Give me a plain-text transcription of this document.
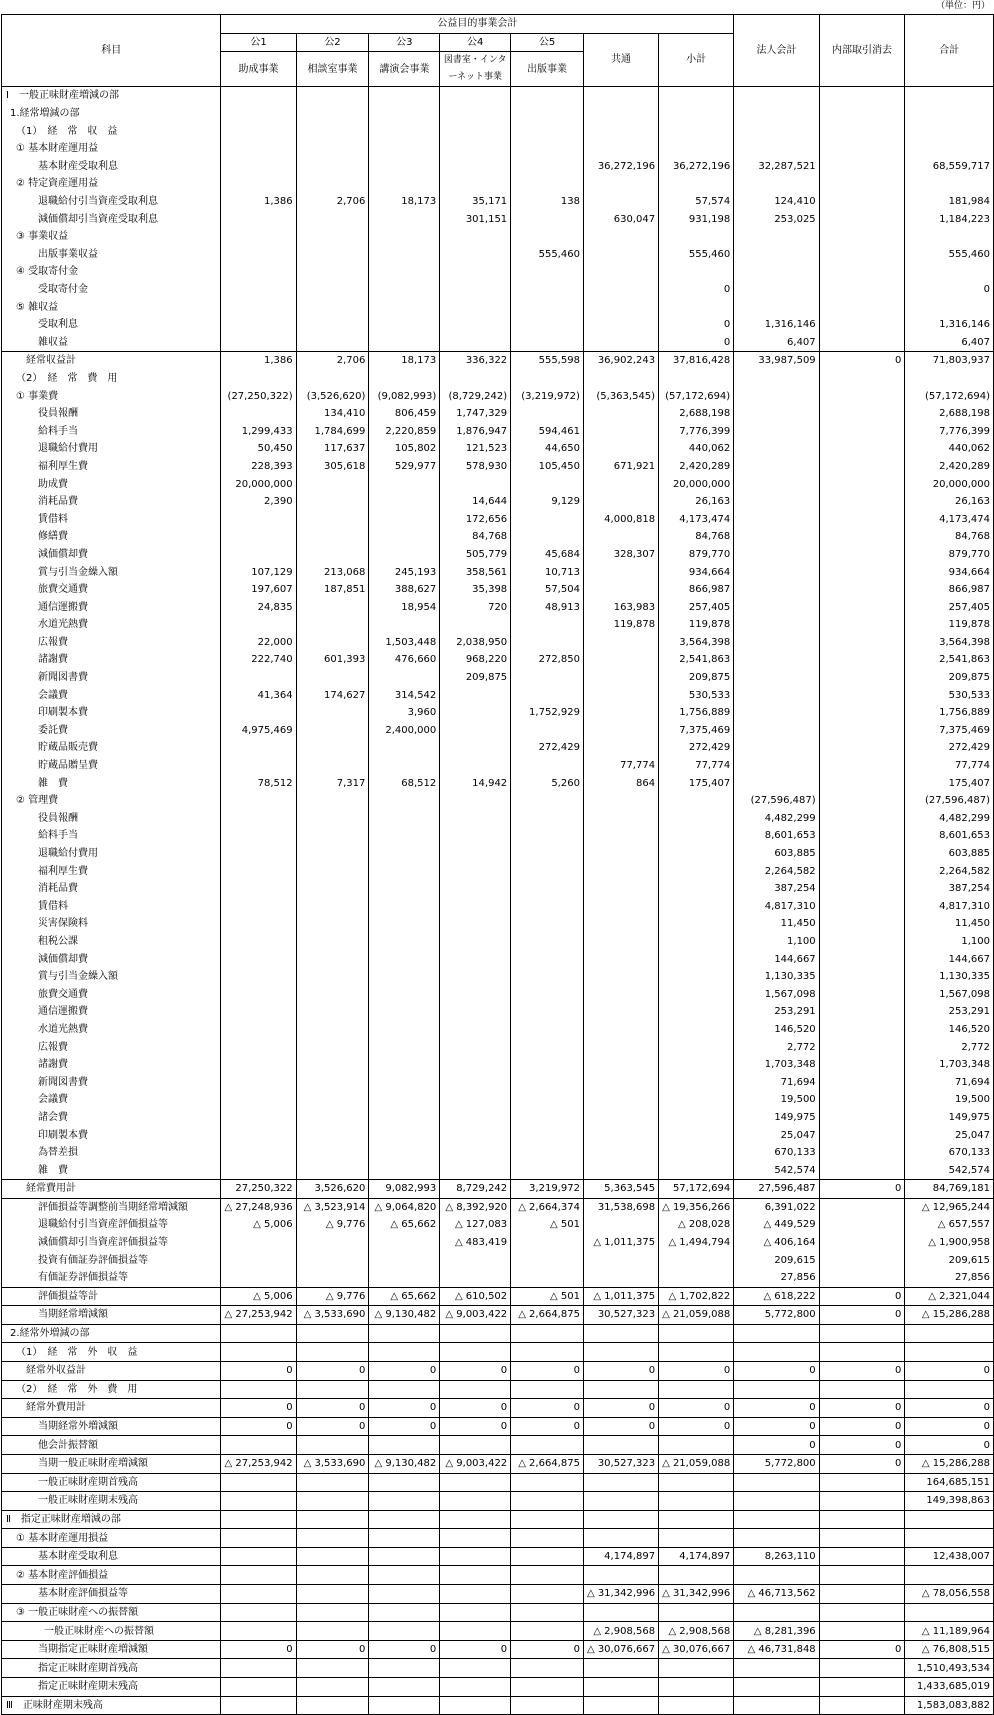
（単位：円）
科目	公益目的事業会計							法人会計	内部取引消去	合計
	公1	公2	公3	公4	公5	共通	小計			
	助成事業	相談室事業	講演会事業	図書室・インターネット事業	出版事業					
Ⅰ　一般正味財産増減の部										
1.経常増減の部										
（1）　経　常　収　益										
① 基本財産運用益										
基本財産受取利息						36,272,196	36,272,196	32,287,521		68,559,717
② 特定資産運用益										
退職給付引当資産受取利息	1,386	2,706	18,173	35,171	138		57,574	124,410		181,984
減価償却引当資産受取利息				301,151		630,047	931,198	253,025		1,184,223
③ 事業収益										
出版事業収益					555,460		555,460			555,460
④ 受取寄付金										
受取寄付金							0			0
⑤ 雑収益										
受取利息							0	1,316,146		1,316,146
雑収益							0	6,407		6,407
経常収益計	1,386	2,706	18,173	336,322	555,598	36,902,243	37,816,428	33,987,509	0	71,803,937
（2）　経　常　費　用										
① 事業費	(27,250,322)	(3,526,620)	(9,082,993)	(8,729,242)	(3,219,972)	(5,363,545)	(57,172,694)			(57,172,694)
役員報酬		134,410	806,459	1,747,329			2,688,198			2,688,198
給料手当	1,299,433	1,784,699	2,220,859	1,876,947	594,461		7,776,399			7,776,399
退職給付費用	50,450	117,637	105,802	121,523	44,650		440,062			440,062
福利厚生費	228,393	305,618	529,977	578,930	105,450	671,921	2,420,289			2,420,289
助成費	20,000,000						20,000,000			20,000,000
消耗品費	2,390			14,644	9,129		26,163			26,163
賃借料				172,656		4,000,818	4,173,474			4,173,474
修繕費				84,768			84,768			84,768
減価償却費				505,779	45,684	328,307	879,770			879,770
賞与引当金繰入額	107,129	213,068	245,193	358,561	10,713		934,664			934,664
旅費交通費	197,607	187,851	388,627	35,398	57,504		866,987			866,987
通信運搬費	24,835		18,954	720	48,913	163,983	257,405			257,405
水道光熱費						119,878	119,878			119,878
広報費	22,000		1,503,448	2,038,950			3,564,398			3,564,398
諸謝費	222,740	601,393	476,660	968,220	272,850		2,541,863			2,541,863
新聞図書費				209,875			209,875			209,875
会議費	41,364	174,627	314,542				530,533			530,533
印刷製本費			3,960		1,752,929		1,756,889			1,756,889
委託費	4,975,469		2,400,000				7,375,469			7,375,469
貯蔵品販売費					272,429		272,429			272,429
貯蔵品贈呈費						77,774	77,774			77,774
雑　費	78,512	7,317	68,512	14,942	5,260	864	175,407			175,407
② 管理費								(27,596,487)		(27,596,487)
役員報酬								4,482,299		4,482,299
給料手当								8,601,653		8,601,653
退職給付費用								603,885		603,885
福利厚生費								2,264,582		2,264,582
消耗品費								387,254		387,254
賃借料								4,817,310		4,817,310
災害保険料								11,450		11,450
租税公課								1,100		1,100
減価償却費								144,667		144,667
賞与引当金繰入額								1,130,335		1,130,335
旅費交通費								1,567,098		1,567,098
通信運搬費								253,291		253,291
水道光熱費								146,520		146,520
広報費								2,772		2,772
諸謝費								1,703,348		1,703,348
新聞図書費								71,694		71,694
会議費								19,500		19,500
諸会費								149,975		149,975
印刷製本費								25,047		25,047
為替差損								670,133		670,133
雑　費								542,574		542,574
経常費用計	27,250,322	3,526,620	9,082,993	8,729,242	3,219,972	5,363,545	57,172,694	27,596,487	0	84,769,181
評価損益等調整前当期経常増減額	△ 27,248,936	△ 3,523,914	△ 9,064,820	△ 8,392,920	△ 2,664,374	31,538,698	△ 19,356,266	6,391,022		△ 12,965,244
退職給付引当資産評価損益等	△ 5,006	△ 9,776	△ 65,662	△ 127,083	△ 501		△ 208,028	△ 449,529		△ 657,557
減価償却引当資産評価損益等				△ 483,419		△ 1,011,375	△ 1,494,794	△ 406,164		△ 1,900,958
投資有価証券評価損益等								209,615		209,615
有価証券評価損益等								27,856		27,856
評価損益等計	△ 5,006	△ 9,776	△ 65,662	△ 610,502	△ 501	△ 1,011,375	△ 1,702,822	△ 618,222	0	△ 2,321,044
当期経常増減額	△ 27,253,942	△ 3,533,690	△ 9,130,482	△ 9,003,422	△ 2,664,875	30,527,323	△ 21,059,088	5,772,800	0	△ 15,286,288
2.経常外増減の部										
（1）　経　常　外　収　益										
経常外収益計	0	0	0	0	0	0	0	0	0	0
（2）　経　常　外　費　用										
経常外費用計	0	0	0	0	0	0	0	0	0	0
当期経常外増減額	0	0	0	0	0	0	0	0	0	0
他会計振替額								0	0	0
当期一般正味財産増減額	△ 27,253,942	△ 3,533,690	△ 9,130,482	△ 9,003,422	△ 2,664,875	30,527,323	△ 21,059,088	5,772,800	0	△ 15,286,288
一般正味財産期首残高										164,685,151
一般正味財産期末残高										149,398,863
Ⅱ　指定正味財産増減の部										
① 基本財産運用損益										
基本財産受取利息						4,174,897	4,174,897	8,263,110		12,438,007
② 基本財産評価損益										
基本財産評価損益等						△ 31,342,996	△ 31,342,996	△ 46,713,562		△ 78,056,558
③ 一般正味財産への振替額										
一般正味財産への振替額						△ 2,908,568	△ 2,908,568	△ 8,281,396		△ 11,189,964
当期指定正味財産増減額	0	0	0	0	0	△ 30,076,667	△ 30,076,667	△ 46,731,848	0	△ 76,808,515
指定正味財産期首残高										1,510,493,534
指定正味財産期末残高										1,433,685,019
Ⅲ　正味財産期末残高										1,583,083,882
